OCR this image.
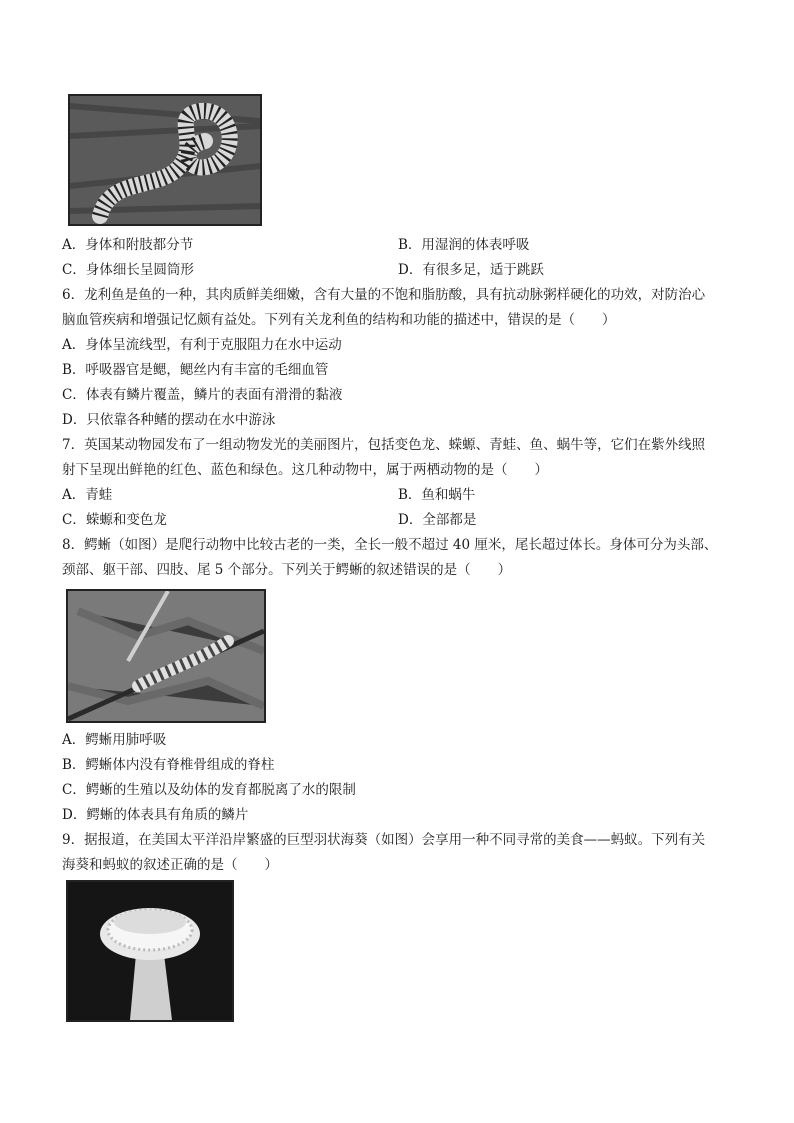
A．身体和附肢都分节	B．用湿润的体表呼吸
C．身体细长呈圆筒形	D．有很多足，适于跳跃
6．龙利鱼是鱼的一种，其肉质鲜美细嫩，含有大量的不饱和脂肪酸，具有抗动脉粥样硬化的功效，对防治心
脑血管疾病和增强记忆颇有益处。下列有关龙利鱼的结构和功能的描述中，错误的是（　　）
A．身体呈流线型，有利于克服阻力在水中运动
B．呼吸器官是鳃，鳃丝内有丰富的毛细血管
C．体表有鳞片覆盖，鳞片的表面有滑滑的黏液
D．只依靠各种鳍的摆动在水中游泳
7．英国某动物园发布了一组动物发光的美丽图片，包括变色龙、蝾螈、青蛙、鱼、蜗牛等，它们在紫外线照
射下呈现出鲜艳的红色、蓝色和绿色。这几种动物中，属于两栖动物的是（　　）
A．青蛙	B．鱼和蜗牛
C．蝾螈和变色龙	D．全部都是
8．鳄蜥（如图）是爬行动物中比较古老的一类，全长一般不超过 40 厘米，尾长超过体长。身体可分为头部、
颈部、躯干部、四肢、尾 5 个部分。下列关于鳄蜥的叙述错误的是（　　）
A．鳄蜥用肺呼吸
B．鳄蜥体内没有脊椎骨组成的脊柱
C．鳄蜥的生殖以及幼体的发育都脱离了水的限制
D．鳄蜥的体表具有角质的鳞片
9．据报道，在美国太平洋沿岸繁盛的巨型羽状海葵（如图）会享用一种不同寻常的美食——蚂蚁。下列有关
海葵和蚂蚁的叙述正确的是（　　）
